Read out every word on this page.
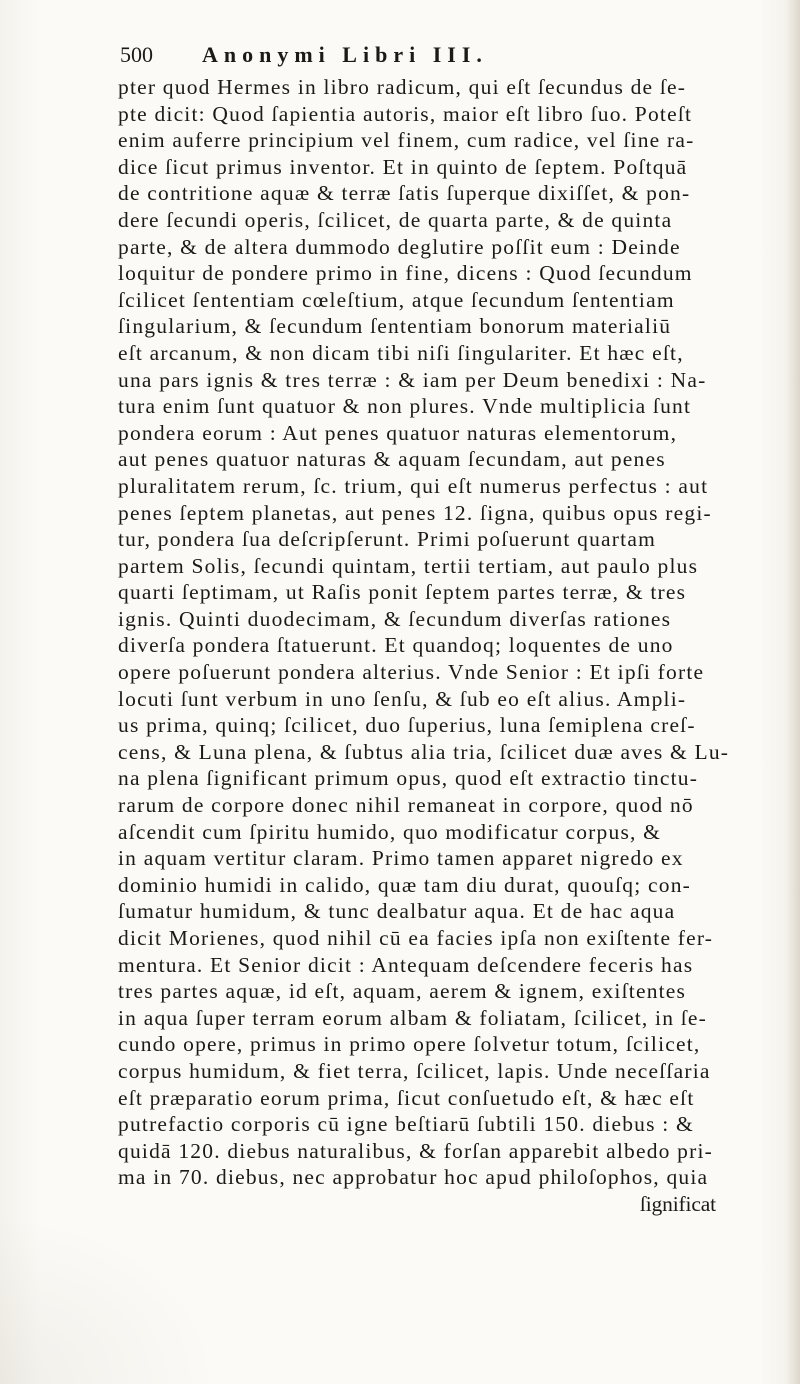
500 Anonymi Libri III.
pter quod Hermes in libro radicum, qui eſt ſecundus de ſe-
pte dicit: Quod ſapientia autoris, maior eſt libro ſuo. Poteſt
enim auferre principium vel finem, cum radice, vel ſine ra-
dice ſicut primus inventor. Et in quinto de ſeptem. Poſtquā
de contritione aquæ & terræ ſatis ſuperque dixiſſet, & pon-
dere ſecundi operis, ſcilicet, de quarta parte, & de quinta
parte, & de altera dummodo deglutire poſſit eum : Deinde
loquitur de pondere primo in fine, dicens : Quod ſecundum
ſcilicet ſententiam cœleſtium, atque ſecundum ſententiam
ſingularium, & ſecundum ſententiam bonorum materialiū
eſt arcanum, & non dicam tibi niſi ſingulariter. Et hæc eſt,
una pars ignis & tres terræ : & iam per Deum benedixi : Na-
tura enim ſunt quatuor & non plures. Vnde multiplicia ſunt
pondera eorum : Aut penes quatuor naturas elementorum,
aut penes quatuor naturas & aquam ſecundam, aut penes
pluralitatem rerum, ſc. trium, qui eſt numerus perfectus : aut
penes ſeptem planetas, aut penes 12. ſigna, quibus opus regi-
tur, pondera ſua deſcripſerunt. Primi poſuerunt quartam
partem Solis, ſecundi quintam, tertii tertiam, aut paulo plus
quarti ſeptimam, ut Raſis ponit ſeptem partes terræ, & tres
ignis. Quinti duodecimam, & ſecundum diverſas rationes
diverſa pondera ſtatuerunt. Et quandoq; loquentes de uno
opere poſuerunt pondera alterius. Vnde Senior : Et ipſi forte
locuti ſunt verbum in uno ſenſu, & ſub eo eſt alius. Ampli-
us prima, quinq; ſcilicet, duo ſuperius, luna ſemiplena creſ-
cens, & Luna plena, & ſubtus alia tria, ſcilicet duæ aves & Lu-
na plena ſignificant primum opus, quod eſt extractio tinctu-
rarum de corpore donec nihil remaneat in corpore, quod nō
aſcendit cum ſpiritu humido, quo modificatur corpus, &
in aquam vertitur claram. Primo tamen apparet nigredo ex
dominio humidi in calido, quæ tam diu durat, quouſq; con-
ſumatur humidum, & tunc dealbatur aqua. Et de hac aqua
dicit Morienes, quod nihil cū ea facies ipſa non exiſtente fer-
mentura. Et Senior dicit : Antequam deſcendere feceris has
tres partes aquæ, id eſt, aquam, aerem & ignem, exiſtentes
in aqua ſuper terram eorum albam & foliatam, ſcilicet, in ſe-
cundo opere, primus in primo opere ſolvetur totum, ſcilicet,
corpus humidum, & fiet terra, ſcilicet, lapis. Unde neceſſaria
eſt præparatio eorum prima, ſicut conſuetudo eſt, & hæc eſt
putrefactio corporis cū igne beſtiarū ſubtili 150. diebus : &
quidā 120. diebus naturalibus, & forſan apparebit albedo pri-
ma in 70. diebus, nec approbatur hoc apud philoſophos, quia
ſignificat
